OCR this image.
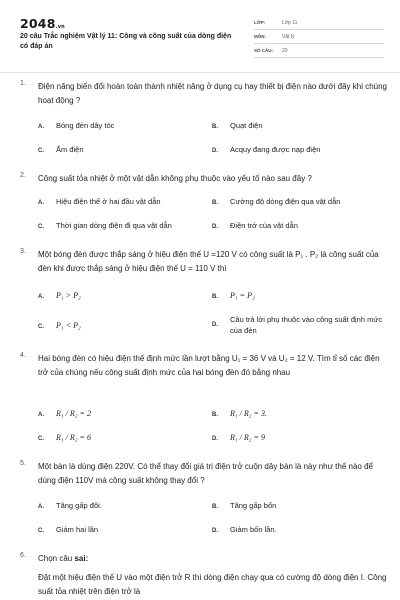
2048.vn
20 câu Trắc nghiệm Vật lý 11: Công và công suất của dòng điện có đáp án
LỚP:	Lớp 11
MÔN:	Vật lý
SỐ CÂU:	20
1. Điện năng biến đổi hoàn toàn thành nhiệt năng ở dụng cụ hay thiết bị điện nào dưới đây khi chúng hoạt động ?
A. Bóng đèn dây tóc	B. Quạt điện
C. Ấm điện	D. Acquy đang được nạp điện
2. Công suất tỏa nhiệt ở một vật dẫn không phụ thuộc vào yếu tố nào sau đây ?
A. Hiệu điện thế ở hai đầu vật dẫn	B. Cường độ dòng điện qua vật dẫn
C. Thời gian dòng điện đi qua vật dẫn	D. Điện trở của vật dẫn
3. Một bóng đèn được thắp sáng ở hiệu điện thế U =120 V có công suất là P₁ . P₂ là công suất của đèn khi được thắp sáng ở hiệu điện thế U = 110 V thì
A. P₁ > P₂	B. P₁ = P₂
C. P₁ < P₂	D.
Câu trả lời phụ thuộc vào công suất định mức của đèn
4. Hai bóng đèn có hiệu điện thế định mức lần lượt bằng U₁ = 36 V và U₂ = 12 V. Tìm tỉ số các điện trở của chúng nếu công suất định mức của hai bóng đèn đó bằng nhau
A. R₁ / R₂ = 2	B. R₁ / R₂ = 3.
C. R₁ / R₂ = 6	D. R₁ / R₂ = 9
5. Một bàn là dùng điện 220V. Có thể thay đổi giá trị điện trở cuộn dây bàn là này như thế nào để dùng điện 110V mà công suất không thay đổi ?
A. Tăng gấp đôi.	B. Tăng gấp bốn
C. Giảm hai lần	D. Giảm bốn lần.
6. Chọn câu sai:
Đặt một hiệu điện thế U vào một điện trở R thì dòng điện chạy qua có cường độ dòng điện I. Công suất tỏa nhiệt trên điện trở là
